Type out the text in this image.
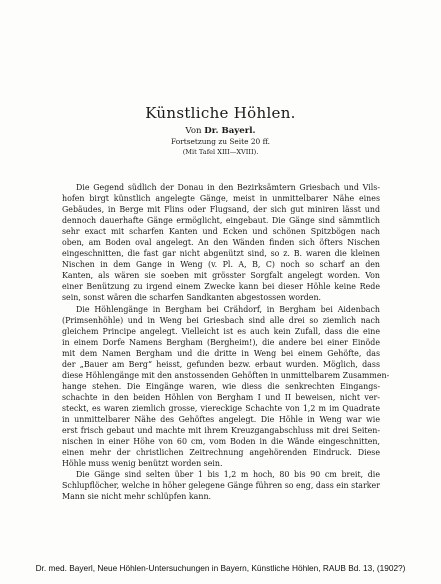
Künstliche Höhlen.
Von Dr. Bayerl.
Fortsetzung zu Seite 20 ff.
(Mit Tafel XIII—XVIII).
Die Gegend südlich der Donau in den Bezirksämtern Griesbach und Vils-
hofen birgt künstlich angelegte Gänge, meist in unmittelbarer Nähe eines
Gebäudes, in Berge mit Flins oder Flugsand, der sich gut miniren lässt und
dennoch dauerhafte Gänge ermöglicht, eingebaut. Die Gänge sind sämmtlich
sehr exact mit scharfen Kanten und Ecken und schönen Spitzbögen nach
oben, am Boden oval angelegt. An den Wänden finden sich öfters Nischen
eingeschnitten, die fast gar nicht abgenützt sind, so z. B. waren die kleinen
Nischen in dem Gange in Weng (v. Pl. A, B, C) noch so scharf an den
Kanten, als wären sie soeben mit grösster Sorgfalt angelegt worden. Von
einer Benützung zu irgend einem Zwecke kann bei dieser Höhle keine Rede
sein, sonst wären die scharfen Sandkanten abgestossen worden.
Die Höhlengänge in Bergham bei Crähdorf, in Bergham bei Aidenbach
(Primsenhöhle) und in Weng bei Griesbach sind alle drei so ziemlich nach
gleichem Principe angelegt. Vielleicht ist es auch kein Zufall, dass die eine
in einem Dorfe Namens Bergham (Bergheim!), die andere bei einer Einöde
mit dem Namen Bergham und die dritte in Weng bei einem Gehöfte, das
der „Bauer am Berg“ heisst, gefunden bezw. erbaut wurden. Möglich, dass
diese Höhlengänge mit den anstossenden Gehöften in unmittelbarem Zusammen-
hange stehen. Die Eingänge waren, wie diess die senkrechten Eingangs-
schachte in den beiden Höhlen von Bergham I und II beweisen, nicht ver-
steckt, es waren ziemlich grosse, viereckige Schachte von 1,2 m im Quadrate
in unmittelbarer Nähe des Gehöftes angelegt. Die Höhle in Weng war wie
erst frisch gebaut und machte mit ihrem Kreuzgangabschluss mit drei Seiten-
nischen in einer Höhe von 60 cm, vom Boden in die Wände eingeschnitten,
einen mehr der christlichen Zeitrechnung angehörenden Eindruck. Diese
Höhle muss wenig benützt worden sein.
Die Gänge sind selten über 1 bis 1,2 m hoch, 80 bis 90 cm breit, die
Schlupflöcher, welche in höher gelegene Gänge führen so eng, dass ein starker
Mann sie nicht mehr schlüpfen kann.
Dr. med. Bayerl, Neue Höhlen-Untersuchungen in Bayern, Künstliche Höhlen, RAUB Bd. 13, (1902?)
